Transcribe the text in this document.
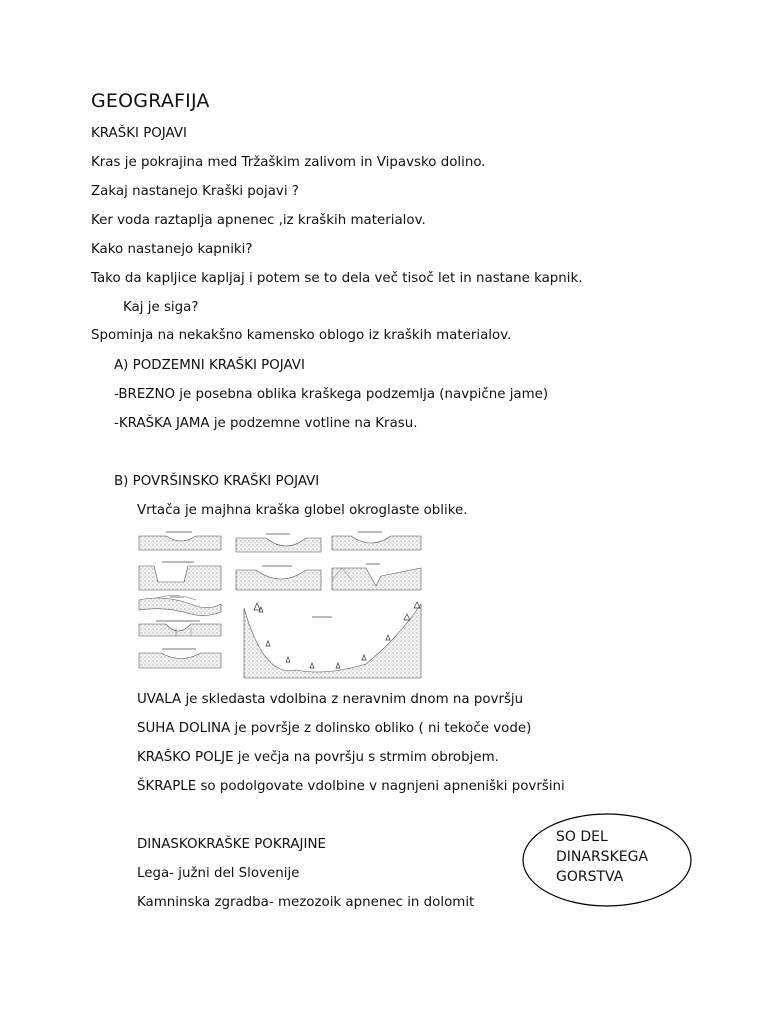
GEOGRAFIJA
KRAŠKI POJAVI
Kras je pokrajina med Tržaškim zalivom in Vipavsko dolino.
Zakaj nastanejo Kraški pojavi ?
Ker voda raztaplja apnenec ,iz kraških materialov.
Kako nastanejo kapniki?
Tako da kapljice kapljaj i potem se to dela več tisoč let in nastane kapnik.
Kaj je siga?
Spominja na nekakšno kamensko oblogo iz kraških materialov.
A) PODZEMNI KRAŠKI POJAVI
-BREZNO je posebna oblika kraškega podzemlja (navpične jame)
-KRAŠKA JAMA je podzemne votline na Krasu.
B) POVRŠINSKO KRAŠKI POJAVI
Vrtača je majhna kraška globel okroglaste oblike.
UVALA je skledasta vdolbina z neravnim dnom na površju
SUHA DOLINA je površje z dolinsko obliko ( ni tekoče vode)
KRAŠKO POLJE je večja na površju s strmim obrobjem.
ŠKRAPLE so podolgovate vdolbine v nagnjeni apneniški površini
DINASKOKRAŠKE POKRAJINE
Lega- južni del Slovenije
Kamninska zgradba- mezozoik apnenec in dolomit
SO DEL
DINARSKEGA
GORSTVA
